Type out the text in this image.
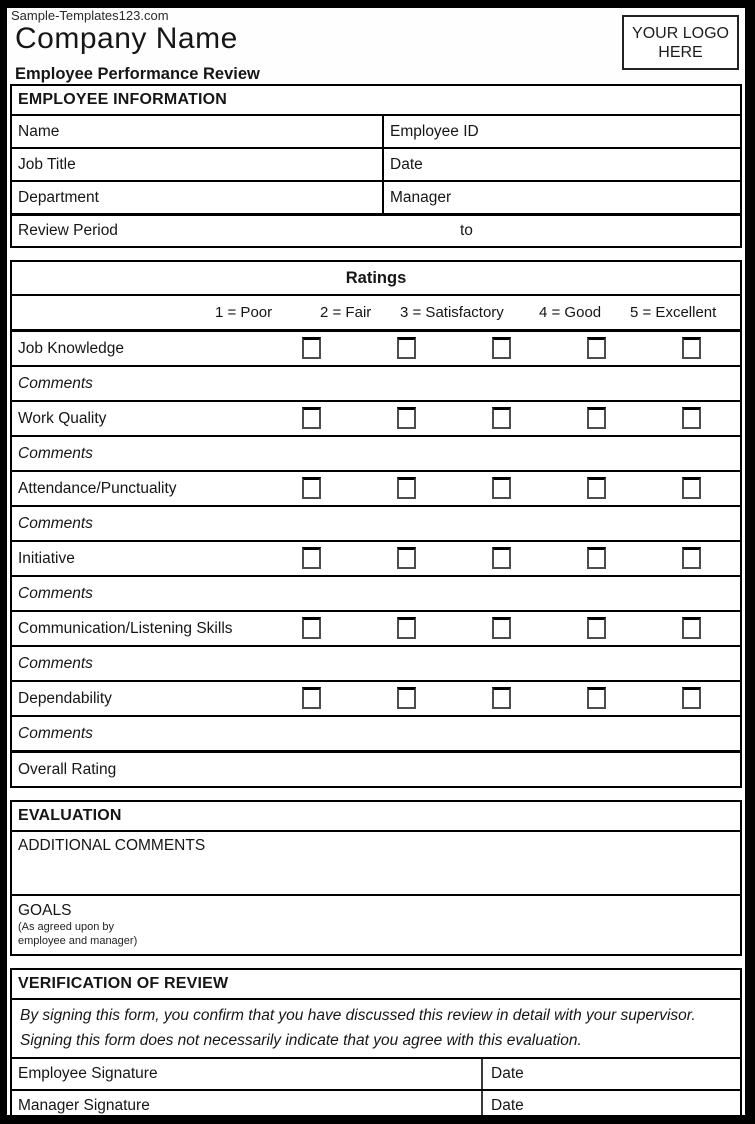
Sample-Templates123.com
Company Name	YOUR LOGO
HERE
Employee Performance Review
EMPLOYEE INFORMATION
Name	Employee ID
Job Title	Date
Department	Manager
Review Period	to
Ratings
1 = Poor	2 = Fair 3 = Satisfactory 4 = Good 5 = Excellent
Job Knowledge
Comments
Work Quality
Comments
Attendance/Punctuality
Comments
Initiative
Comments
Communication/Listening Skills
Comments
Dependability
Comments
Overall Rating
EVALUATION
ADDITIONAL COMMENTS
GOALS
(As agreed upon by
employee and manager)
VERIFICATION OF REVIEW
By signing this form, you confirm that you have discussed this review in detail with your supervisor. Signing this form does not necessarily indicate that you agree with this evaluation.
Employee Signature	Date
Manager Signature	Date
